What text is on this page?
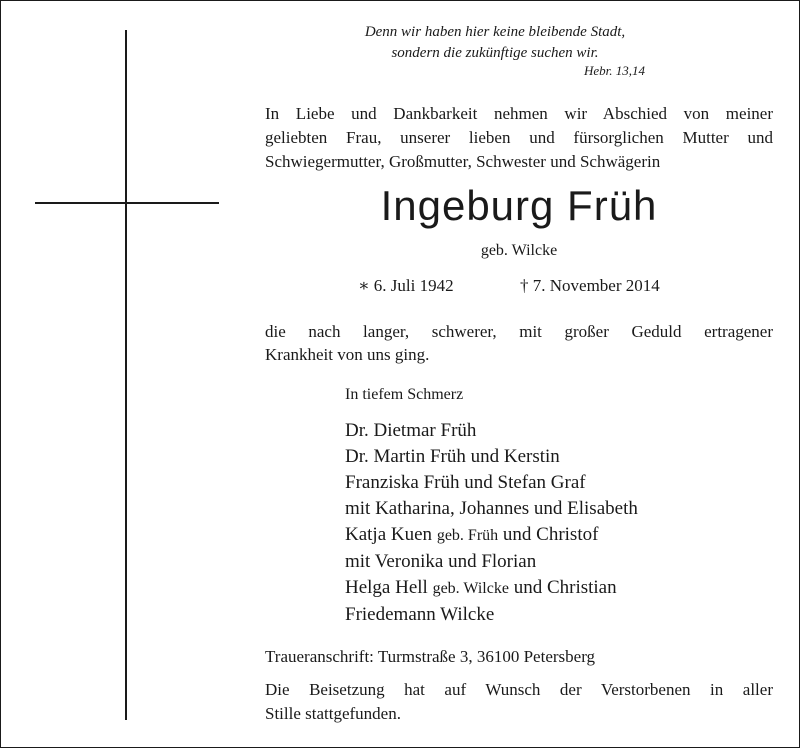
Denn wir haben hier keine bleibende Stadt,
sondern die zukünftige suchen wir.
Hebr. 13,14
In Liebe und Dankbarkeit nehmen wir Abschied von meiner
geliebten Frau, unserer lieben und fürsorglichen Mutter und
Schwiegermutter, Großmutter, Schwester und Schwägerin
Ingeburg Früh
geb. Wilcke
∗ 6. Juli 1942	† 7. November 2014
die nach langer, schwerer, mit großer Geduld ertragener
Krankheit von uns ging.
In tiefem Schmerz
Dr. Dietmar Früh
Dr. Martin Früh und Kerstin
Franziska Früh und Stefan Graf
mit Katharina, Johannes und Elisabeth
Katja Kuen geb. Früh und Christof
mit Veronika und Florian
Helga Hell geb. Wilcke und Christian
Friedemann Wilcke
Traueranschrift: Turmstraße 3, 36100 Petersberg
Die Beisetzung hat auf Wunsch der Verstorbenen in aller
Stille stattgefunden.
